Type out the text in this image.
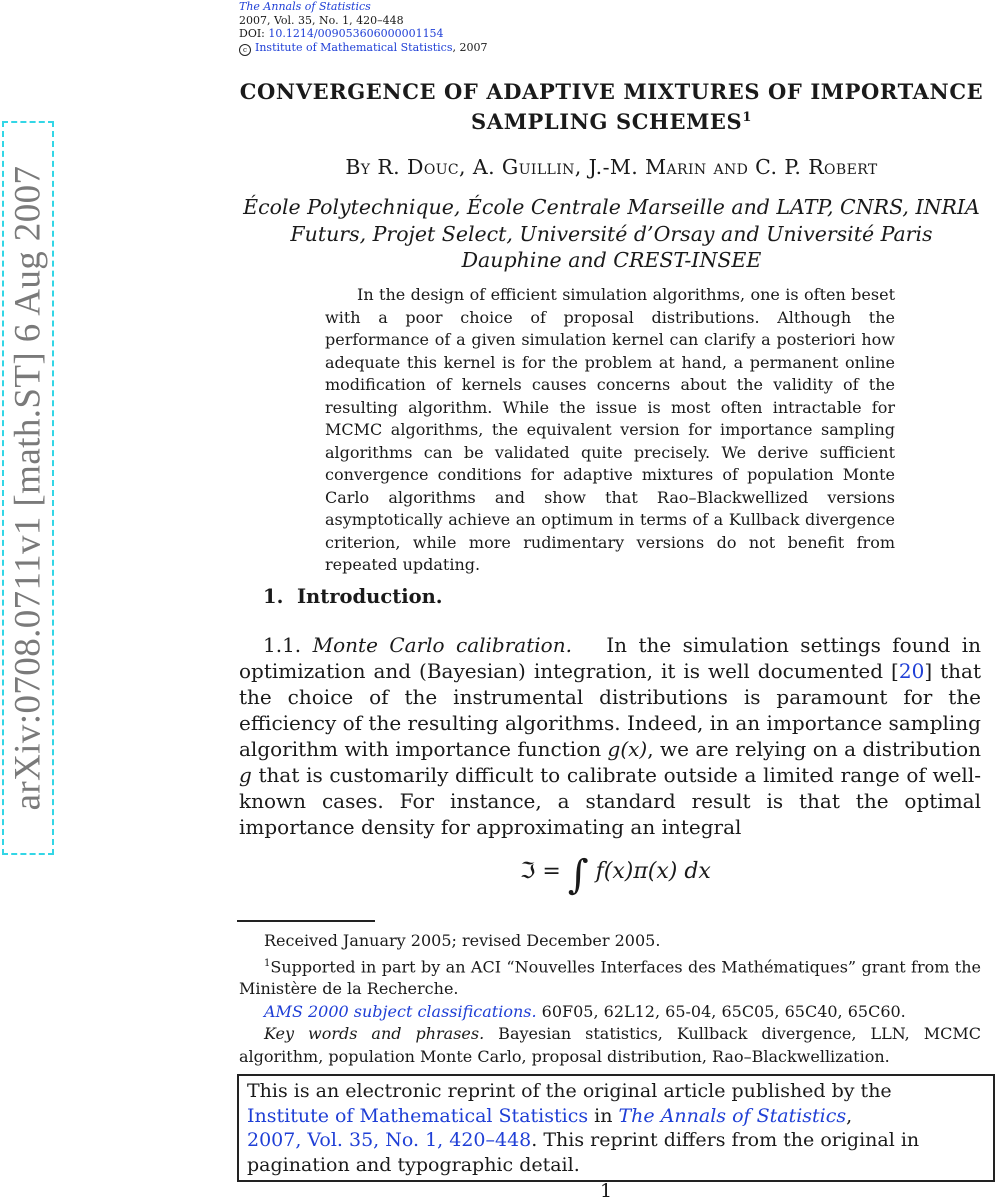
The Annals of Statistics
2007, Vol. 35, No. 1, 420–448
DOI: 10.1214/009053606000001154
c Institute of Mathematical Statistics, 2007
arXiv:0708.0711v1 [math.ST] 6 Aug 2007
CONVERGENCE OF ADAPTIVE MIXTURES OF IMPORTANCE SAMPLING SCHEMES$^1$
By R. Douc, A. Guillin, J.-M. Marin and C. P. Robert
École Polytechnique, École Centrale Marseille and LATP, CNRS, INRIA Futurs, Projet Select, Université d’Orsay and Université Paris Dauphine and CREST-INSEE
In the design of efficient simulation algorithms, one is often beset with a poor choice of proposal distributions. Although the performance of a given simulation kernel can clarify a posteriori how adequate this kernel is for the problem at hand, a permanent online modification of kernels causes concerns about the validity of the resulting algorithm. While the issue is most often intractable for MCMC algorithms, the equivalent version for importance sampling algorithms can be validated quite precisely. We derive sufficient convergence conditions for adaptive mixtures of population Monte Carlo algorithms and show that Rao–Blackwellized versions asymptotically achieve an optimum in terms of a Kullback divergence criterion, while more rudimentary versions do not benefit from repeated updating.
1. Introduction.
1.1. Monte Carlo calibration. In the simulation settings found in optimization and (Bayesian) integration, it is well documented [20] that the choice of the instrumental distributions is paramount for the efficiency of the resulting algorithms. Indeed, in an importance sampling algorithm with importance function g(x), we are relying on a distribution g that is customarily difficult to calibrate outside a limited range of well-known cases. For instance, a standard result is that the optimal importance density for approximating an integral
ℑ = ∫ f(x)π(x) dx

Received January 2005; revised December 2005.

$^1$Supported in part by an ACI “Nouvelles Interfaces des Mathématiques” grant from the Ministère de la Recherche.

AMS 2000 subject classifications. 60F05, 62L12, 65-04, 65C05, 65C40, 65C60.

Key words and phrases. Bayesian statistics, Kullback divergence, LLN, MCMC algorithm, population Monte Carlo, proposal distribution, Rao–Blackwellization.

This is an electronic reprint of the original article published by the
Institute of Mathematical Statistics in The Annals of Statistics,
2007, Vol. 35, No. 1, 420–448. This reprint differs from the original in pagination and typographic detail.
1
